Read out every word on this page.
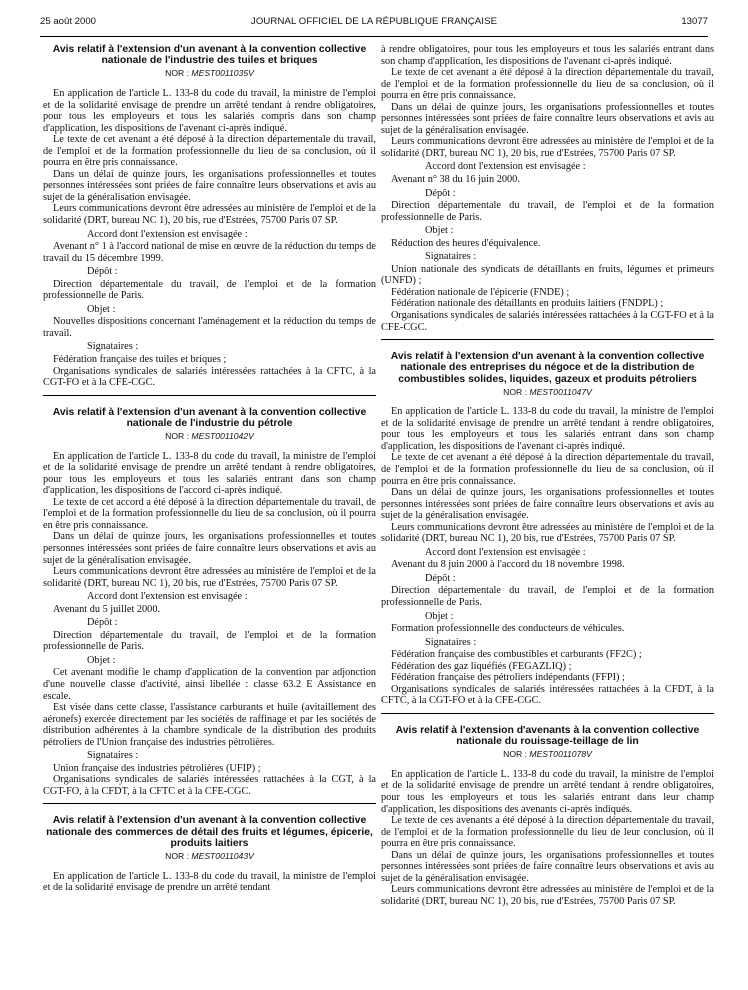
25 août 2000	JOURNAL OFFICIEL DE LA RÉPUBLIQUE FRANÇAISE	13077
Avis relatif à l'extension d'un avenant à la convention collective nationale de l'industrie des tuiles et briques
NOR : MEST0011035V

En application de l'article L. 133-8 du code du travail, la ministre de l'emploi et de la solidarité envisage de prendre un arrêté tendant à rendre obligatoires, pour tous les employeurs et tous les salariés compris dans son champ d'application, les dispositions de l'avenant ci-après indiqué.

Le texte de cet avenant a été déposé à la direction départementale du travail, de l'emploi et de la formation professionnelle du lieu de sa conclusion, où il pourra en être pris connaissance.

Dans un délai de quinze jours, les organisations professionnelles et toutes personnes intéressées sont priées de faire connaître leurs observations et avis au sujet de la généralisation envisagée.

Leurs communications devront être adressées au ministère de l'emploi et de la solidarité (DRT, bureau NC 1), 20 bis, rue d'Estrées, 75700 Paris 07 SP.

Accord dont l'extension est envisagée :

Avenant n° 1 à l'accord national de mise en œuvre de la réduction du temps de travail du 15 décembre 1999.

Dépôt :

Direction départementale du travail, de l'emploi et de la formation professionnelle de Paris.

Objet :

Nouvelles dispositions concernant l'aménagement et la réduction du temps de travail.

Signataires :

Fédération française des tuiles et briques ;

Organisations syndicales de salariés intéressées rattachées à la CFTC, à la CGT-FO et à la CFE-CGC.

Avis relatif à l'extension d'un avenant à la convention collective nationale de l'industrie du pétrole
NOR : MEST0011042V

En application de l'article L. 133-8 du code du travail, la ministre de l'emploi et de la solidarité envisage de prendre un arrêté tendant à rendre obligatoires, pour tous les employeurs et tous les salariés entrant dans son champ d'application, les dispositions de l'accord ci-après indiqué.

Le texte de cet accord a été déposé à la direction départementale du travail, de l'emploi et de la formation professionnelle du lieu de sa conclusion, où il pourra en être pris connaissance.

Dans un délai de quinze jours, les organisations professionnelles et toutes personnes intéressées sont priées de faire connaître leurs observations et avis au sujet de la généralisation envisagée.

Leurs communications devront être adressées au ministère de l'emploi et de la solidarité (DRT, bureau NC 1), 20 bis, rue d'Estrées, 75700 Paris 07 SP.

Accord dont l'extension est envisagée :

Avenant du 5 juillet 2000.

Dépôt :

Direction départementale du travail, de l'emploi et de la formation professionnelle de Paris.

Objet :

Cet avenant modifie le champ d'application de la convention par adjonction d'une nouvelle classe d'activité, ainsi libellée : classe 63.2 E Assistance en escale.

Est visée dans cette classe, l'assistance carburants et huile (avitaillement des aéronefs) exercée directement par les sociétés de raffinage et par les sociétés de distribution adhérentes à la chambre syndicale de la distribution des produits pétroliers de l'Union française des industries pétrolières.

Signataires :

Union française des industries pétrolières (UFIP) ;

Organisations syndicales de salariés intéressées rattachées à la CGT, à la CGT-FO, à la CFDT, à la CFTC et à la CFE-CGC.

Avis relatif à l'extension d'un avenant à la convention collective nationale des commerces de détail des fruits et légumes, épicerie, produits laitiers
NOR : MEST0011043V

En application de l'article L. 133-8 du code du travail, la ministre de l'emploi et de la solidarité envisage de prendre un arrêté tendant

à rendre obligatoires, pour tous les employeurs et tous les salariés entrant dans son champ d'application, les dispositions de l'avenant ci-après indiqué.

Le texte de cet avenant a été déposé à la direction départementale du travail, de l'emploi et de la formation professionnelle du lieu de sa conclusion, où il pourra en être pris connaissance.

Dans un délai de quinze jours, les organisations professionnelles et toutes personnes intéressées sont priées de faire connaître leurs observations et avis au sujet de la généralisation envisagée.

Leurs communications devront être adressées au ministère de l'emploi et de la solidarité (DRT, bureau NC 1), 20 bis, rue d'Estrées, 75700 Paris 07 SP.

Accord dont l'extension est envisagée :

Avenant n° 38 du 16 juin 2000.

Dépôt :

Direction départementale du travail, de l'emploi et de la formation professionnelle de Paris.

Objet :

Réduction des heures d'équivalence.

Signataires :

Union nationale des syndicats de détaillants en fruits, légumes et primeurs (UNFD) ;

Fédération nationale de l'épicerie (FNDE) ;

Fédération nationale des détaillants en produits laitiers (FNDPL) ;

Organisations syndicales de salariés intéressées rattachées à la CGT-FO et à la CFE-CGC.

Avis relatif à l'extension d'un avenant à la convention collective nationale des entreprises du négoce et de la distribution de combustibles solides, liquides, gazeux et produits pétroliers
NOR : MEST0011047V

En application de l'article L. 133-8 du code du travail, la ministre de l'emploi et de la solidarité envisage de prendre un arrêté tendant à rendre obligatoires, pour tous les employeurs et tous les salariés entrant dans son champ d'application, les dispositions de l'avenant ci-après indiqué.

Le texte de cet avenant a été déposé à la direction départementale du travail, de l'emploi et de la formation professionnelle du lieu de sa conclusion, où il pourra en être pris connaissance.

Dans un délai de quinze jours, les organisations professionnelles et toutes personnes intéressées sont priées de faire connaître leurs observations et avis au sujet de la généralisation envisagée.

Leurs communications devront être adressées au ministère de l'emploi et de la solidarité (DRT, bureau NC 1), 20 bis, rue d'Estrées, 75700 Paris 07 SP.

Accord dont l'extension est envisagée :

Avenant du 8 juin 2000 à l'accord du 18 novembre 1998.

Dépôt :

Direction départementale du travail, de l'emploi et de la formation professionnelle de Paris.

Objet :

Formation professionnelle des conducteurs de véhicules.

Signataires :

Fédération française des combustibles et carburants (FF2C) ;

Fédération des gaz liquéfiés (FEGAZLIQ) ;

Fédération française des pétroliers indépendants (FFPI) ;

Organisations syndicales de salariés intéressées rattachées à la CFDT, à la CFTC, à la CGT-FO et à la CFE-CGC.

Avis relatif à l'extension d'avenants à la convention collective nationale du rouissage-teillage de lin
NOR : MEST0011078V

En application de l'article L. 133-8 du code du travail, la ministre de l'emploi et de la solidarité envisage de prendre un arrêté tendant à rendre obligatoires, pour tous les employeurs et tous les salariés entrant dans leur champ d'application, les dispositions des avenants ci-après indiqués.

Le texte de ces avenants a été déposé à la direction départementale du travail, de l'emploi et de la formation professionnelle du lieu de leur conclusion, où il pourra en être pris connaissance.

Dans un délai de quinze jours, les organisations professionnelles et toutes personnes intéressées sont priées de faire connaître leurs observations et avis au sujet de la généralisation envisagée.

Leurs communications devront être adressées au ministère de l'emploi et de la solidarité (DRT, bureau NC 1), 20 bis, rue d'Estrées, 75700 Paris 07 SP.
